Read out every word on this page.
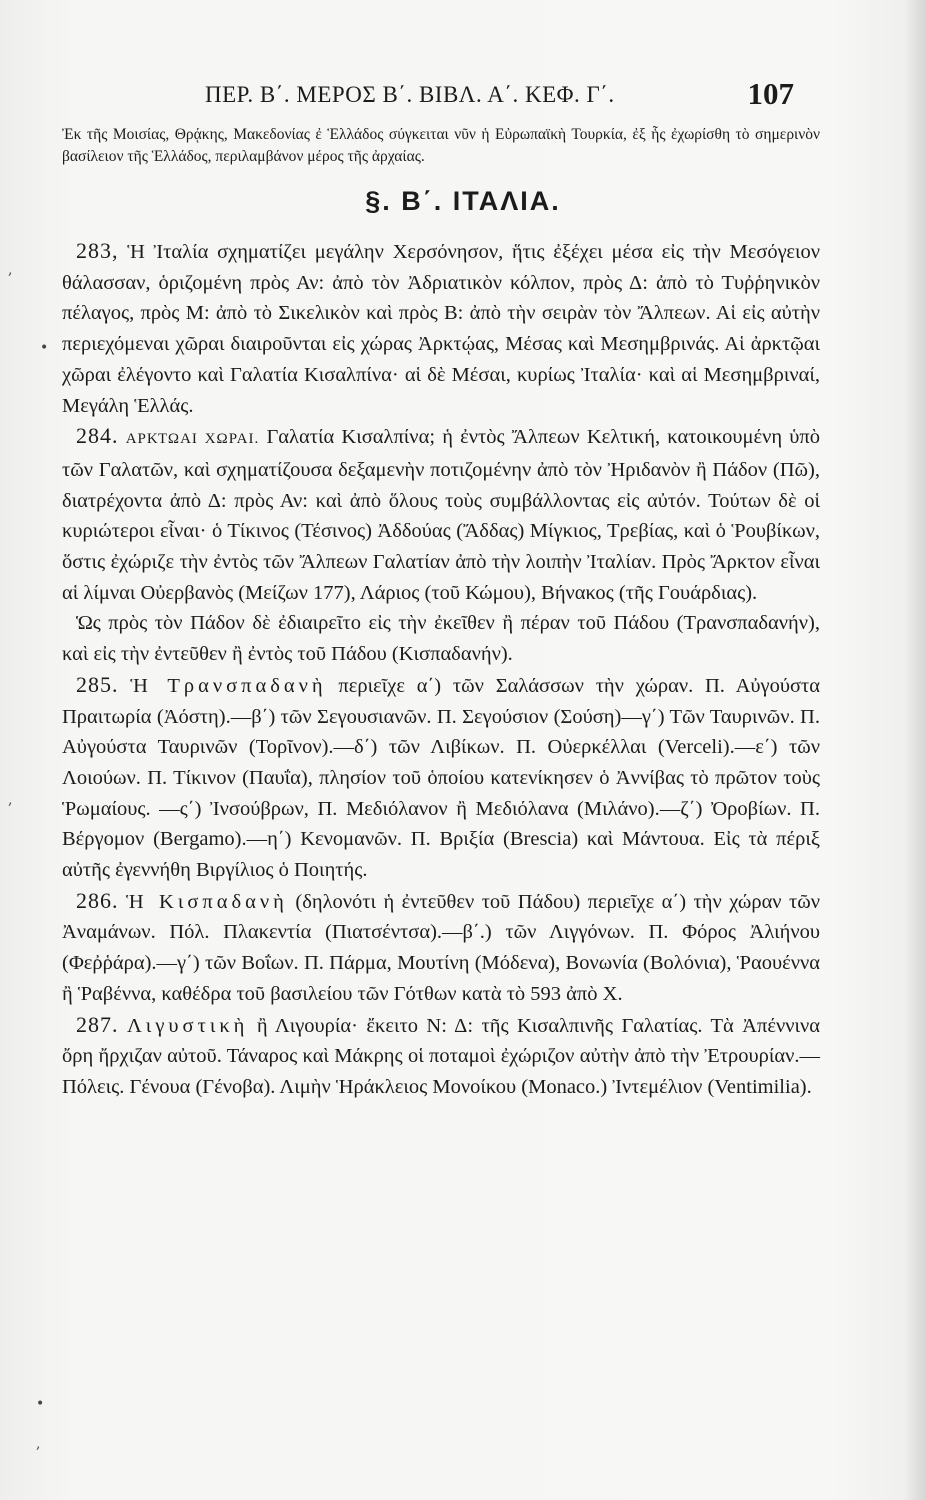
ΠΕΡ. Β΄. ΜΕΡΟΣ Β΄. ΒΙΒΛ. Α΄. ΚΕΦ. Γ΄.	107

Ἐκ τῆς Μοισίας, Θρᾴκης, Μακεδονίας ἐ Ἑλλάδος σύγκειται νῦν ἡ Εὐρωπαϊκὴ Τουρκία, ἐξ ἧς ἐχωρίσθη τὸ σημερινὸν βασίλειον τῆς Ἑλλάδος, περιλαμβάνον μέρος τῆς ἀρχαίας.

§. Β΄. ΙΤΑΛΙΑ.

283, Ἡ Ἰταλία σχηματίζει μεγάλην Χερσόνησον, ἥτις ἐξέχει μέσα εἰς τὴν Μεσόγειον θάλασσαν, ὁριζομένη πρὸς Αν: ἀπὸ τὸν Ἀδριατικὸν κόλπον, πρὸς Δ: ἀπὸ τὸ Τυῤῥηνικὸν πέλαγος, πρὸς Μ: ἀπὸ τὸ Σικελικὸν καὶ πρὸς Β: ἀπὸ τὴν σειρὰν τὸν Ἄλπεων. Αἱ εἰς αὐτὴν περιεχόμεναι χῶραι διαιροῦνται εἰς χώρας Ἀρκτῴας, Μέσας καὶ Μεσημβρινάς. Αἱ ἀρκτῷαι χῶραι ἐλέγοντο καὶ Γαλατία Κισαλπίνα· αἱ δὲ Μέσαι, κυρίως Ἰταλία· καὶ αἱ Μεσημβριναί, Μεγάλη Ἑλλάς.

284. ΑΡΚΤΩΑΙ ΧΩΡΑΙ. Γαλατία Κισαλπίνα; ἡ ἐντὸς Ἄλπεων Κελτική, κατοικουμένη ὑπὸ τῶν Γαλατῶν, καὶ σχηματίζουσα δεξαμενὴν ποτιζομένην ἀπὸ τὸν Ἠριδανὸν ἢ Πάδον (Πῶ), διατρέχοντα ἀπὸ Δ: πρὸς Αν: καὶ ἀπὸ ὅλους τοὺς συμβάλλοντας εἰς αὐτόν. Τούτων δὲ οἱ κυριώτεροι εἶναι· ὁ Τίκινος (Τέσινος) Ἀδδούας (Ἄδδας) Μίγκιος, Τρεβίας, καὶ ὁ Ῥουβίκων, ὅστις ἐχώριζε τὴν ἐντὸς τῶν Ἄλπεων Γαλατίαν ἀπὸ τὴν λοιπὴν Ἰταλίαν. Πρὸς Ἄρκτον εἶναι αἱ λίμναι Οὐερβανὸς (Μείζων 177), Λάριος (τοῦ Κώμου), Βήνακος (τῆς Γουάρδιας).

Ὡς πρὸς τὸν Πάδον δὲ ἐδιαιρεῖτο εἰς τὴν ἐκεῖθεν ἢ πέραν τοῦ Πάδου (Τρανσπαδανήν), καὶ εἰς τὴν ἐντεῦθεν ἢ ἐντὸς τοῦ Πάδου (Κισπαδανήν).

285. Ἡ Τρανσπαδανὴ περιεῖχε α΄) τῶν Σαλάσσων τὴν χώραν. Π. Αὐγούστα Πραιτωρία (Ἀόστη).—β΄) τῶν Σεγουσιανῶν. Π. Σεγούσιον (Σούση)—γ΄) Τῶν Ταυρινῶν. Π. Αὐγούστα Ταυρινῶν (Τορῖνον).—δ΄) τῶν Λιβίκων. Π. Οὐερκέλλαι (Verceli).—ε΄) τῶν Λοιούων. Π. Τίκινον (Παυΐα), πλησίον τοῦ ὁποίου κατενίκησεν ὁ Ἀννίβας τὸ πρῶτον τοὺς Ῥωμαίους. —ς΄) Ἰνσούβρων, Π. Μεδιόλανον ἢ Μεδιόλανα (Μιλάνο).—ζ΄) Ὀροβίων. Π. Βέργομον (Bergamo).—η΄) Κενομανῶν. Π. Βριξία (Brescia) καὶ Μάντουα. Εἰς τὰ πέριξ αὐτῆς ἐγεννήθη Βιργίλιος ὁ Ποιητής.

286. Ἡ Κισπαδανὴ (δηλονότι ἡ ἐντεῦθεν τοῦ Πάδου) περιεῖχε α΄) τὴν χώραν τῶν Ἀναμάνων. Πόλ. Πλακεντία (Πιατσέντσα).—β΄.) τῶν Λιγγόνων. Π. Φόρος Ἀλιήνου (Φεῤῥάρα).—γ΄) τῶν Βοΐων. Π. Πάρμα, Μουτίνη (Μόδενα), Βονωνία (Βολόνια), Ῥαουέννα ἢ Ῥαβέννα, καθέδρα τοῦ βασιλείου τῶν Γότθων κατὰ τὸ 593 ἀπὸ Χ.

287. Λιγυστικὴ ἢ Λιγουρία· ἔκειτο Ν: Δ: τῆς Κισαλπινῆς Γαλατίας. Τὰ Ἀπέννινα ὄρη ἤρχιζαν αὐτοῦ. Τάναρος καὶ Μάκρης οἱ ποταμοὶ ἐχώριζον αὐτὴν ἀπὸ τὴν Ἐτρουρίαν.—Πόλεις. Γένουα (Γένοβα). Λιμὴν Ἡράκλειος Μονοίκου (Monaco.) Ἰντεμέλιον (Ventimilia).

,
•
,
•
,
